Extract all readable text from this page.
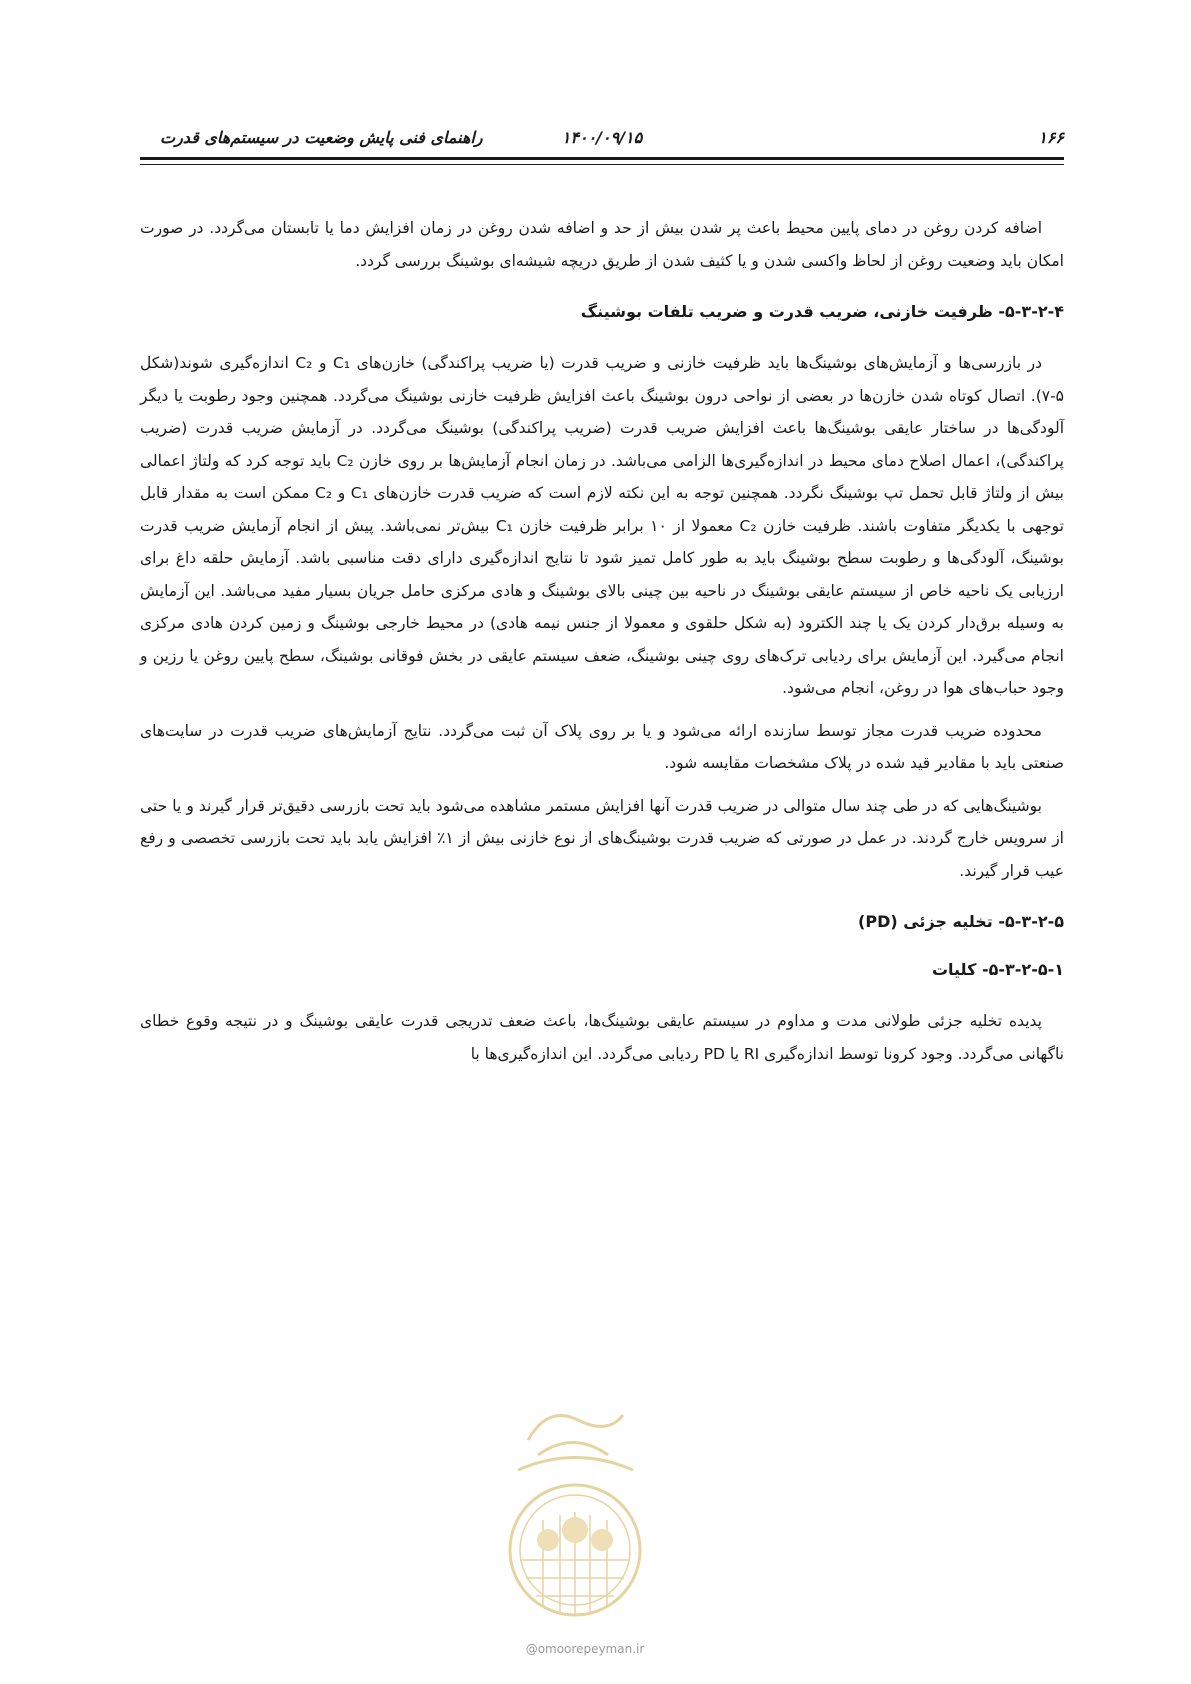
۱۶۶
۱۴۰۰/۰۹/۱۵
راهنمای فنی پایش وضعیت در سیستم‌های قدرت

اضافه کردن روغن در دمای پایین محیط باعث پر شدن بیش از حد و اضافه شدن روغن در زمان افزایش دما یا تابستان می‌گردد. در صورت امکان باید وضعیت روغن از لحاظ واکسی شدن و یا کثیف شدن از طریق دریچه شیشه‌ای بوشینگ بررسی گردد.

۵-۳-۲-۴- ظرفیت خازنی، ضریب قدرت و ضریب تلفات بوشینگ

در بازرسی‌ها و آزمایش‌های بوشینگ‌ها باید ظرفیت خازنی و ضریب قدرت (یا ضریب پراکندگی) خازن‌های C₁ و C₂ اندازه‌گیری شوند(شکل ۵-۷). اتصال کوتاه شدن خازن‌ها در بعضی از نواحی درون بوشینگ باعث افزایش ظرفیت خازنی بوشینگ می‌گردد. همچنین وجود رطوبت یا دیگر آلودگی‌ها در ساختار عایقی بوشینگ‌ها باعث افزایش ضریب قدرت (ضریب پراکندگی) بوشینگ می‌گردد. در آزمایش ضریب قدرت (ضریب پراکندگی)، اعمال اصلاح دمای محیط در اندازه‌گیری‌ها الزامی می‌باشد. در زمان انجام آزمایش‌ها بر روی خازن C₂ باید توجه کرد که ولتاژ اعمالی بیش از ولتاژ قابل تحمل تپ بوشینگ نگردد. همچنین توجه به این نکته لازم است که ضریب قدرت خازن‌های C₁ و C₂ ممکن است به مقدار قابل توجهی با یکدیگر متفاوت باشند. ظرفیت خازن C₂ معمولا از ۱۰ برابر ظرفیت خازن C₁ بیش‌تر نمی‌باشد. پیش از انجام آزمایش ضریب قدرت بوشینگ، آلودگی‌ها و رطوبت سطح بوشینگ باید به طور کامل تمیز شود تا نتایج اندازه‌گیری دارای دقت مناسبی باشد. آزمایش حلقه داغ برای ارزیابی یک ناحیه خاص از سیستم عایقی بوشینگ در ناحیه بین چینی بالای بوشینگ و هادی مرکزی حامل جریان بسیار مفید می‌باشد. این آزمایش به وسیله برق‌دار کردن یک یا چند الکترود (به شکل حلقوی و معمولا از جنس نیمه هادی) در محیط خارجی بوشینگ و زمین کردن هادی مرکزی انجام می‌گیرد. این آزمایش برای ردیابی ترک‌های روی چینی بوشینگ، ضعف سیستم عایقی در بخش فوقانی بوشینگ، سطح پایین روغن یا رزین و وجود حباب‌های هوا در روغن، انجام می‌شود.

محدوده ضریب قدرت مجاز توسط سازنده ارائه می‌شود و یا بر روی پلاک آن ثبت می‌گردد. نتایج آزمایش‌های ضریب قدرت در سایت‌های صنعتی باید با مقادیر قید شده در پلاک مشخصات مقایسه شود.

بوشینگ‌هایی که در طی چند سال متوالی در ضریب قدرت آنها افزایش مستمر مشاهده می‌شود باید تحت بازرسی دقیق‌تر قرار گیرند و یا حتی از سرویس خارج گردند. در عمل در صورتی که ضریب قدرت بوشینگ‌های از نوع خازنی بیش از ۱٪ افزایش یابد باید تحت بازرسی تخصصی و رفع عیب قرار گیرند.

۵-۳-۲-۵- تخلیه جزئی (PD)
۵-۳-۲-۵-۱- کلیات

پدیده تخلیه جزئی طولانی مدت و مداوم در سیستم عایقی بوشینگ‌ها، باعث ضعف تدریجی قدرت عایقی بوشینگ و در نتیجه وقوع خطای ناگهانی می‌گردد. وجود کرونا توسط اندازه‌گیری RI یا PD ردیابی می‌گردد. این اندازه‌گیری‌ها با

@omoorepeyman.ir
